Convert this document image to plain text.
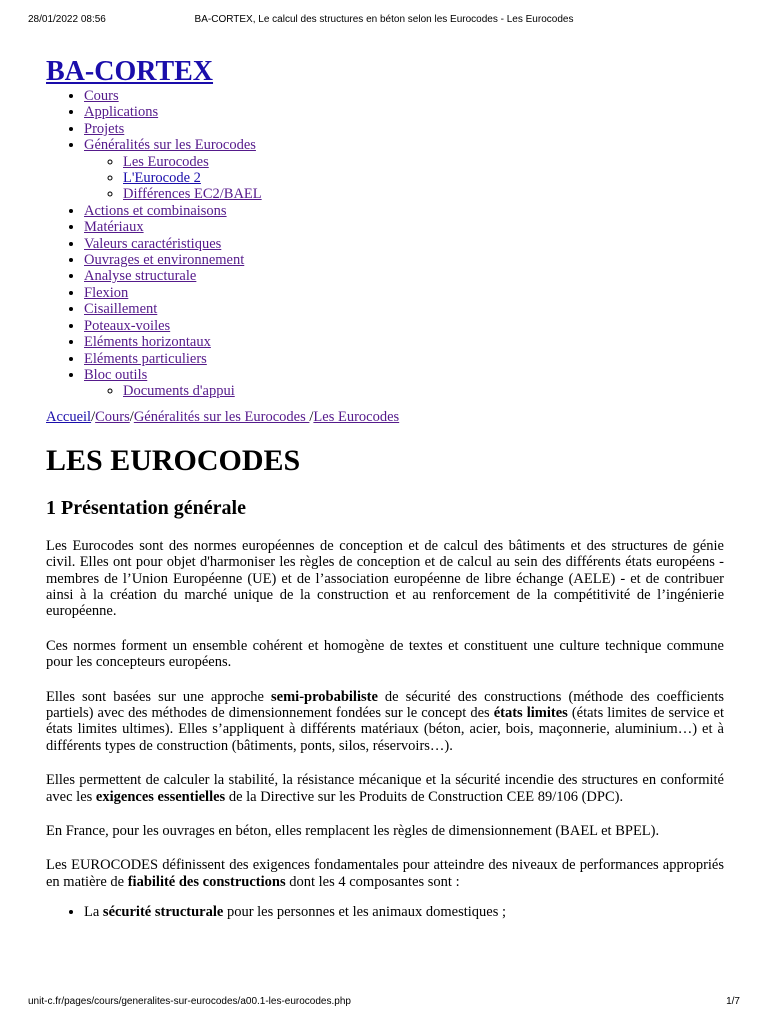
28/01/2022 08:56	BA-CORTEX, Le calcul des structures en béton selon les Eurocodes - Les Eurocodes
BA-CORTEX
• Cours
• Applications
• Projets
• Généralités sur les Eurocodes
◦ Les Eurocodes
◦ L'Eurocode 2
◦ Différences EC2/BAEL
• Actions et combinaisons
• Matériaux
• Valeurs caractéristiques
• Ouvrages et environnement
• Analyse structurale
• Flexion
• Cisaillement
• Poteaux-voiles
• Eléments horizontaux
• Eléments particuliers
• Bloc outils
◦ Documents d'appui
Accueil/Cours/Généralités sur les Eurocodes /Les Eurocodes
LES EUROCODES
1 Présentation générale

Les Eurocodes sont des normes européennes de conception et de calcul des bâtiments et des structures de génie civil. Elles ont pour objet d'harmoniser les règles de conception et de calcul au sein des différents états européens - membres de l’Union Européenne (UE) et de l’association européenne de libre échange (AELE) - et de contribuer ainsi à la création du marché unique de la construction et au renforcement de la compétitivité de l’ingénierie européenne.

Ces normes forment un ensemble cohérent et homogène de textes et constituent une culture technique commune pour les concepteurs européens.

Elles sont basées sur une approche semi-probabiliste de sécurité des constructions (méthode des coefficients partiels) avec des méthodes de dimensionnement fondées sur le concept des états limites (états limites de service et états limites ultimes). Elles s’appliquent à différents matériaux (béton, acier, bois, maçonnerie, aluminium…) et à différents types de construction (bâtiments, ponts, silos, réservoirs…).

Elles permettent de calculer la stabilité, la résistance mécanique et la sécurité incendie des structures en conformité avec les exigences essentielles de la Directive sur les Produits de Construction CEE 89/106 (DPC).

En France, pour les ouvrages en béton, elles remplacent les règles de dimensionnement (BAEL et BPEL).

Les EUROCODES définissent des exigences fondamentales pour atteindre des niveaux de performances appropriés en matière de fiabilité des constructions dont les 4 composantes sont :

• La sécurité structurale pour les personnes et les animaux domestiques ;
unit-c.fr/pages/cours/generalites-sur-eurocodes/a00.1-les-eurocodes.php	1/7
